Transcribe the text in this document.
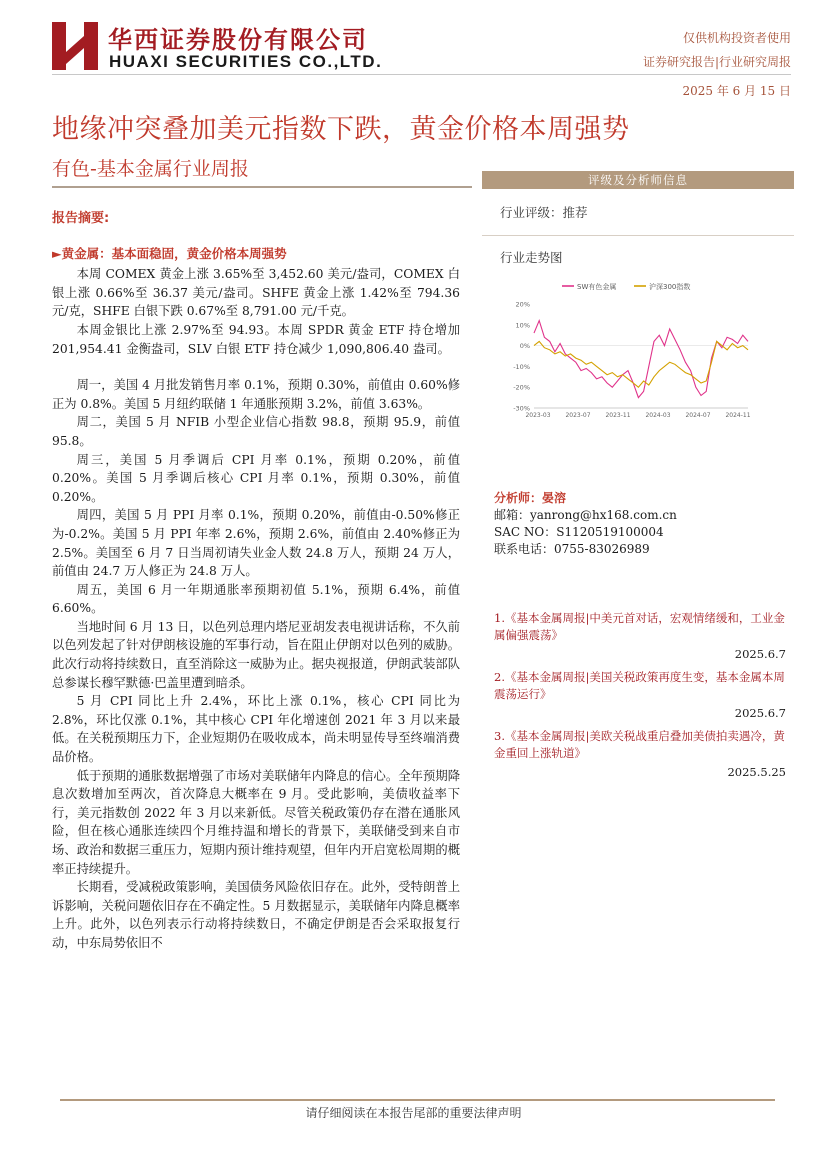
华西证券股份有限公司
HUAXI SECURITIES CO.,LTD.
仅供机构投资者使用
证券研究报告|行业研究周报
2025 年 6 月 15 日
地缘冲突叠加美元指数下跌，黄金价格本周强势
有色-基本金属行业周报
报告摘要:
►黄金属：基本面稳固，黄金价格本周强势

本周 COMEX 黄金上涨 3.65%至 3,452.60 美元/盎司，COMEX 白银上涨 0.66%至 36.37 美元/盎司。SHFE 黄金上涨 1.42%至 794.36 元/克，SHFE 白银下跌 0.67%至 8,791.00 元/千克。

本周金银比上涨 2.97%至 94.93。本周 SPDR 黄金 ETF 持仓增加 201,954.41 金衡盎司，SLV 白银 ETF 持仓减少 1,090,806.40 盎司。

周一，美国 4 月批发销售月率 0.1%，预期 0.30%，前值由 0.60%修正为 0.8%。美国 5 月纽约联储 1 年通胀预期 3.2%，前值 3.63%。

周二，美国 5 月 NFIB 小型企业信心指数 98.8，预期 95.9，前值 95.8。

周三，美国 5 月季调后 CPI 月率 0.1%，预期 0.20%，前值 0.20%。美国 5 月季调后核心 CPI 月率 0.1%，预期 0.30%，前值 0.20%。

周四，美国 5 月 PPI 月率 0.1%，预期 0.20%，前值由-0.50%修正为-0.2%。美国 5 月 PPI 年率 2.6%，预期 2.6%，前值由 2.40%修正为 2.5%。美国至 6 月 7 日当周初请失业金人数 24.8 万人，预期 24 万人，前值由 24.7 万人修正为 24.8 万人。

周五，美国 6 月一年期通胀率预期初值 5.1%，预期 6.4%，前值 6.60%。

当地时间 6 月 13 日，以色列总理内塔尼亚胡发表电视讲话称，不久前以色列发起了针对伊朗核设施的军事行动，旨在阻止伊朗对以色列的威胁。此次行动将持续数日，直至消除这一威胁为止。据央视报道，伊朗武装部队总参谋长穆罕默德·巴盖里遭到暗杀。

5 月 CPI 同比上升 2.4%，环比上涨 0.1%，核心 CPI 同比为 2.8%，环比仅涨 0.1%，其中核心 CPI 年化增速创 2021 年 3 月以来最低。在关税预期压力下，企业短期仍在吸收成本，尚未明显传导至终端消费品价格。

低于预期的通胀数据增强了市场对美联储年内降息的信心。全年预期降息次数增加至两次，首次降息大概率在 9 月。受此影响，美债收益率下行，美元指数创 2022 年 3 月以来新低。尽管关税政策仍存在潜在通胀风险，但在核心通胀连续四个月维持温和增长的背景下，美联储受到来自市场、政治和数据三重压力，短期内预计维持观望，但年内开启宽松周期的概率正持续提升。

长期看，受减税政策影响，美国债务风险依旧存在。此外，受特朗普上诉影响，关税问题依旧存在不确定性。5 月数据显示，美联储年内降息概率上升。此外，以色列表示行动将持续数日，不确定伊朗是否会采取报复行动，中东局势依旧不

评级及分析师信息
行业评级：推荐
行业走势图
SW有色金属	沪深300指数
20%
10%
0%
-10%
-20%
-30%
2023-03 2023-07 2023-11 2024-03 2024-07 2024-11
分析师：晏溶
邮箱：yanrong@hx168.com.cn
SAC NO：S1120519100004
联系电话：0755-83026989
1.《基本金属周报|中美元首对话，宏观情绪缓和，工业金属偏强震荡》
2025.6.7
2.《基本金属周报|美国关税政策再度生变，基本金属本周震荡运行》
2025.6.7
3.《基本金属周报|美欧关税战重启叠加美债拍卖遇冷，黄金重回上涨轨道》
2025.5.25
请仔细阅读在本报告尾部的重要法律声明
